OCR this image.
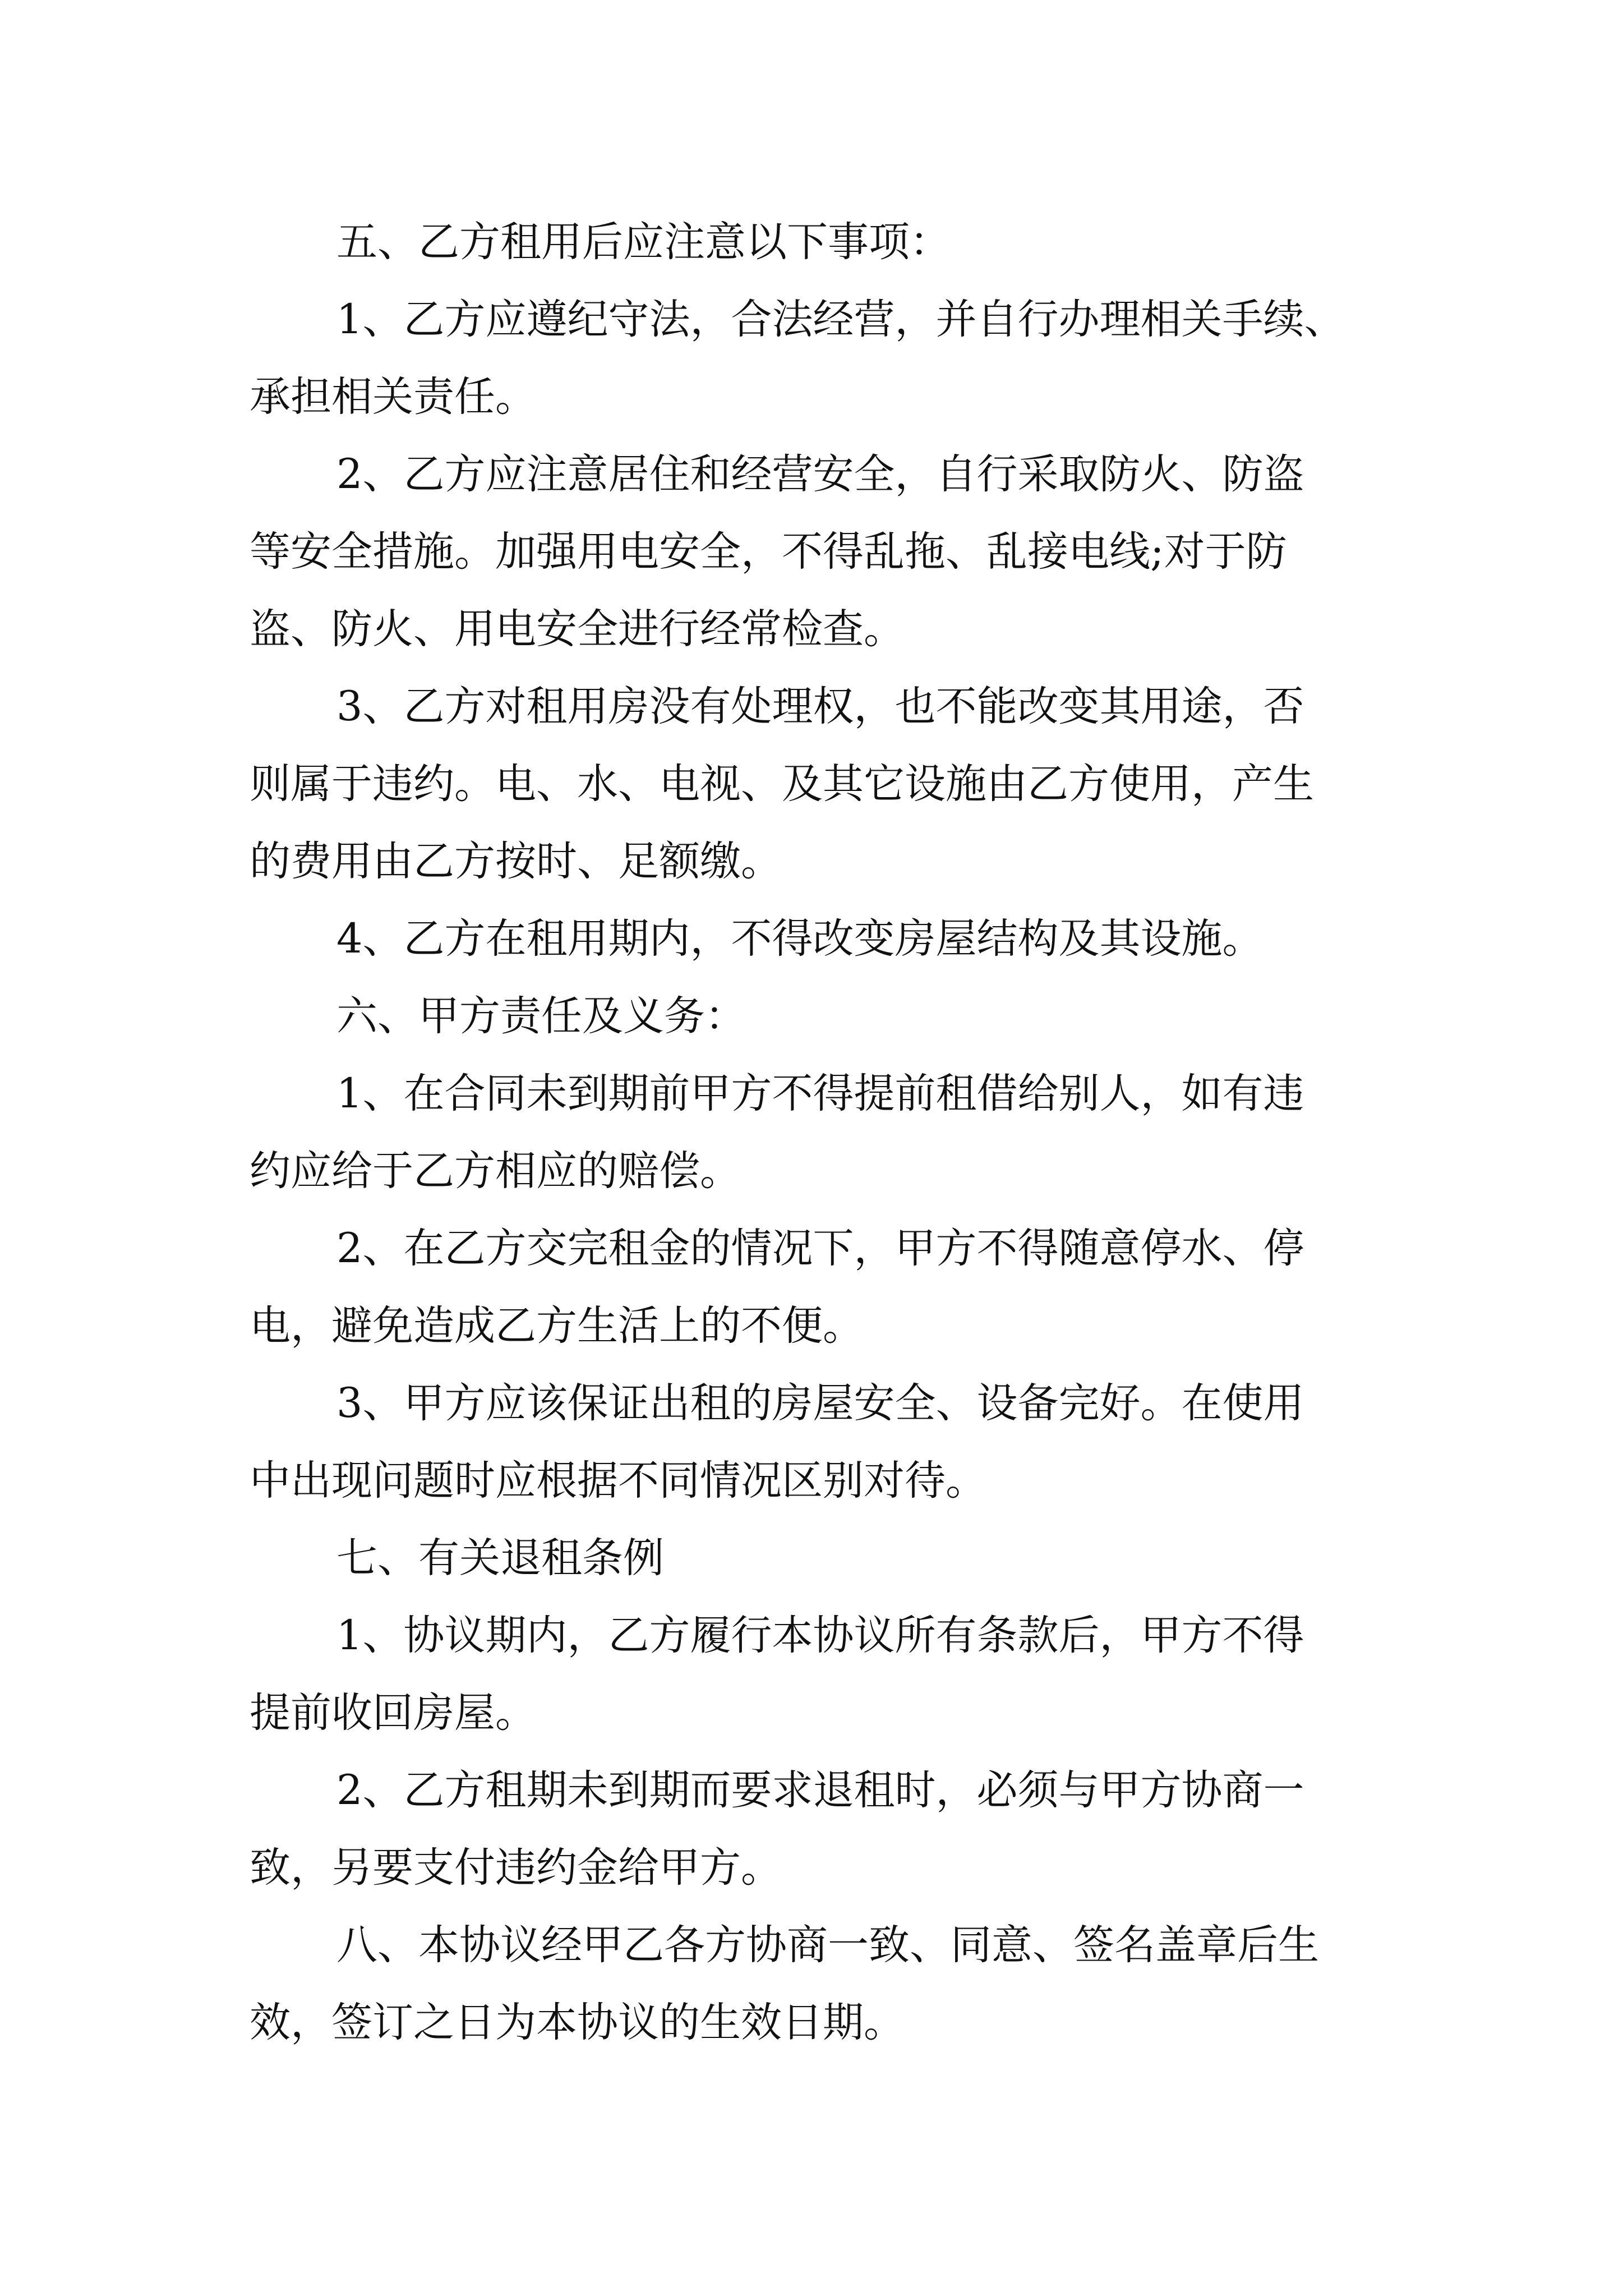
五、乙方租用后应注意以下事项：

1、乙方应遵纪守法，合法经营，并自行办理相关手续、

承担相关责任。

2、乙方应注意居住和经营安全，自行采取防火、防盗

等安全措施。加强用电安全，不得乱拖、乱接电线;对于防

盗、防火、用电安全进行经常检查。

3、乙方对租用房没有处理权，也不能改变其用途，否

则属于违约。电、水、电视、及其它设施由乙方使用，产生

的费用由乙方按时、足额缴。

4、乙方在租用期内，不得改变房屋结构及其设施。

六、甲方责任及义务：

1、在合同未到期前甲方不得提前租借给别人，如有违

约应给于乙方相应的赔偿。

2、在乙方交完租金的情况下，甲方不得随意停水、停

电，避免造成乙方生活上的不便。

3、甲方应该保证出租的房屋安全、设备完好。在使用

中出现问题时应根据不同情况区别对待。

七、有关退租条例

1、协议期内，乙方履行本协议所有条款后，甲方不得

提前收回房屋。

2、乙方租期未到期而要求退租时，必须与甲方协商一

致，另要支付违约金给甲方。

八、本协议经甲乙各方协商一致、同意、签名盖章后生

效，签订之日为本协议的生效日期。
